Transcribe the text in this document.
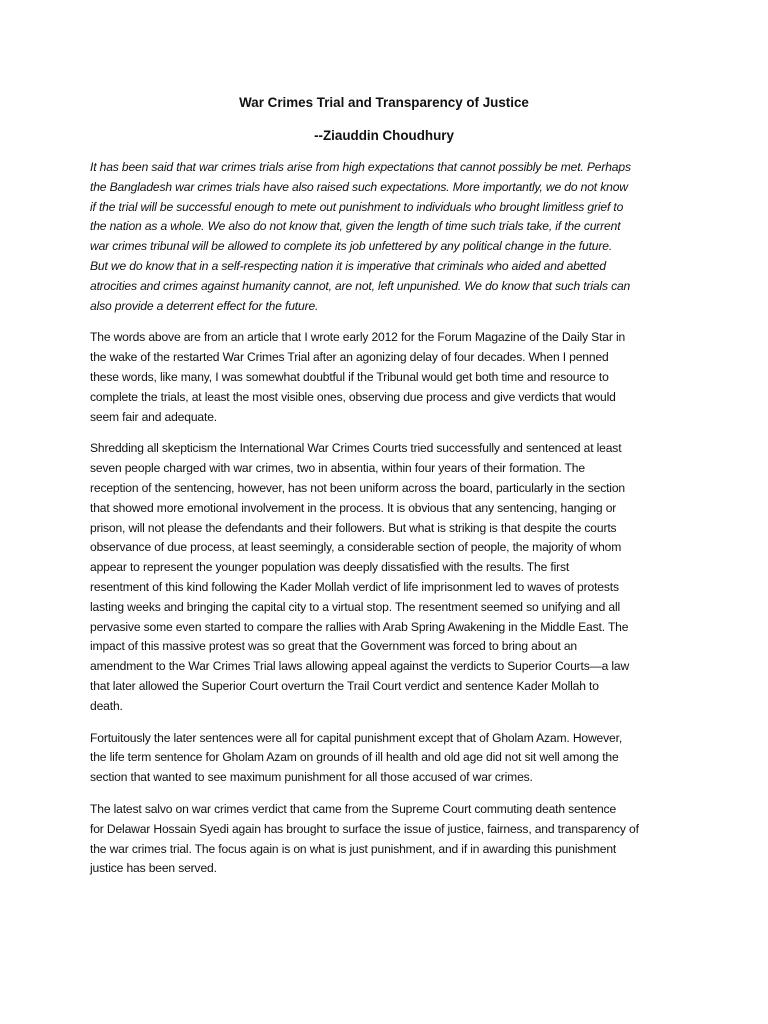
War Crimes Trial and Transparency of Justice
--Ziauddin Choudhury

It has been said that war crimes trials arise from high expectations that cannot possibly be met. Perhaps
the Bangladesh war crimes trials have also raised such expectations. More importantly, we do not know
if the trial will be successful enough to mete out punishment to individuals who brought limitless grief to
the nation as a whole. We also do not know that, given the length of time such trials take, if the current
war crimes tribunal will be allowed to complete its job unfettered by any political change in the future.
But we do know that in a self-respecting nation it is imperative that criminals who aided and abetted
atrocities and crimes against humanity cannot, are not, left unpunished. We do know that such trials can
also provide a deterrent effect for the future.

The words above are from an article that I wrote early 2012 for the Forum Magazine of the Daily Star in
the wake of the restarted War Crimes Trial after an agonizing delay of four decades. When I penned
these words, like many, I was somewhat doubtful if the Tribunal would get both time and resource to
complete the trials, at least the most visible ones, observing due process and give verdicts that would
seem fair and adequate.

Shredding all skepticism the International War Crimes Courts tried successfully and sentenced at least
seven people charged with war crimes, two in absentia, within four years of their formation. The
reception of the sentencing, however, has not been uniform across the board, particularly in the section
that showed more emotional involvement in the process. It is obvious that any sentencing, hanging or
prison, will not please the defendants and their followers. But what is striking is that despite the courts
observance of due process, at least seemingly, a considerable section of people, the majority of whom
appear to represent the younger population was deeply dissatisfied with the results. The first
resentment of this kind following the Kader Mollah verdict of life imprisonment led to waves of protests
lasting weeks and bringing the capital city to a virtual stop. The resentment seemed so unifying and all
pervasive some even started to compare the rallies with Arab Spring Awakening in the Middle East. The
impact of this massive protest was so great that the Government was forced to bring about an
amendment to the War Crimes Trial laws allowing appeal against the verdicts to Superior Courts—a law
that later allowed the Superior Court overturn the Trail Court verdict and sentence Kader Mollah to
death.

Fortuitously the later sentences were all for capital punishment except that of Gholam Azam. However,
the life term sentence for Gholam Azam on grounds of ill health and old age did not sit well among the
section that wanted to see maximum punishment for all those accused of war crimes.

The latest salvo on war crimes verdict that came from the Supreme Court commuting death sentence
for Delawar Hossain Syedi again has brought to surface the issue of justice, fairness, and transparency of
the war crimes trial. The focus again is on what is just punishment, and if in awarding this punishment
justice has been served.
